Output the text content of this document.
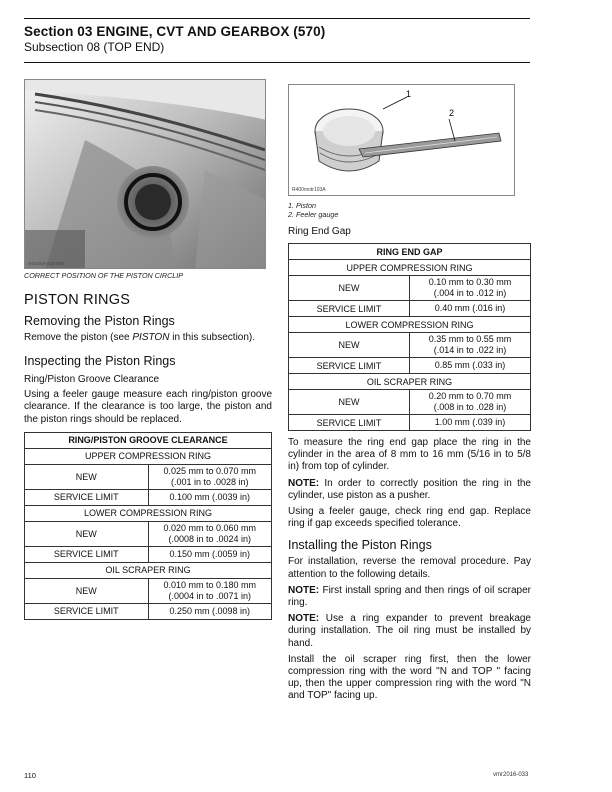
Section 03 ENGINE, CVT AND GEARBOX (570)
Subsection 08 (TOP END)
vmr2016-033-008
CORRECT POSITION OF THE PISTON CIRCLIP
PISTON RINGS
Removing the Piston Rings

Remove the piston (see PISTON in this subsection).

Inspecting the Piston Rings
Ring/Piston Groove Clearance

Using a feeler gauge measure each ring/piston groove clearance. If the clearance is too large, the piston and the piston rings should be replaced.

RING/PISTON GROOVE CLEARANCE	
UPPER COMPRESSION RING	
NEW	0.025 mm to 0.070 mm
(.001 in to .0028 in)
SERVICE LIMIT	0.100 mm (.0039 in)
LOWER COMPRESSION RING	
NEW	0.020 mm to 0.060 mm
(.0008 in to .0024 in)
SERVICE LIMIT	0.150 mm (.0059 in)
OIL SCRAPER RING	
NEW	0.010 mm to 0.180 mm
(.0004 in to .0071 in)
SERVICE LIMIT	0.250 mm (.0098 in)
1
2
R400motr103A
1. Piston
2. Feeler gauge
Ring End Gap
RING END GAP	
UPPER COMPRESSION RING	
NEW	0.10 mm to 0.30 mm
(.004 in to .012 in)
SERVICE LIMIT	0.40 mm (.016 in)
LOWER COMPRESSION RING	
NEW	0.35 mm to 0.55 mm
(.014 in to .022 in)
SERVICE LIMIT	0.85 mm (.033 in)
OIL SCRAPER RING	
NEW	0.20 mm to 0.70 mm
(.008 in to .028 in)
SERVICE LIMIT	1.00 mm (.039 in)

To measure the ring end gap place the ring in the cylinder in the area of 8 mm to 16 mm (5/16 in to 5/8 in) from top of cylinder.

NOTE: In order to correctly position the ring in the cylinder, use piston as a pusher.

Using a feeler gauge, check ring end gap. Replace ring if gap exceeds specified tolerance.

Installing the Piston Rings

For installation, reverse the removal procedure. Pay attention to the following details.

NOTE: First install spring and then rings of oil scraper ring.

NOTE: Use a ring expander to prevent breakage during installation. The oil ring must be installed by hand.

Install the oil scraper ring first, then the lower compression ring with the word "N and TOP " facing up, then the upper compression ring with the word "N and TOP" facing up.

110	vmr2016-033
